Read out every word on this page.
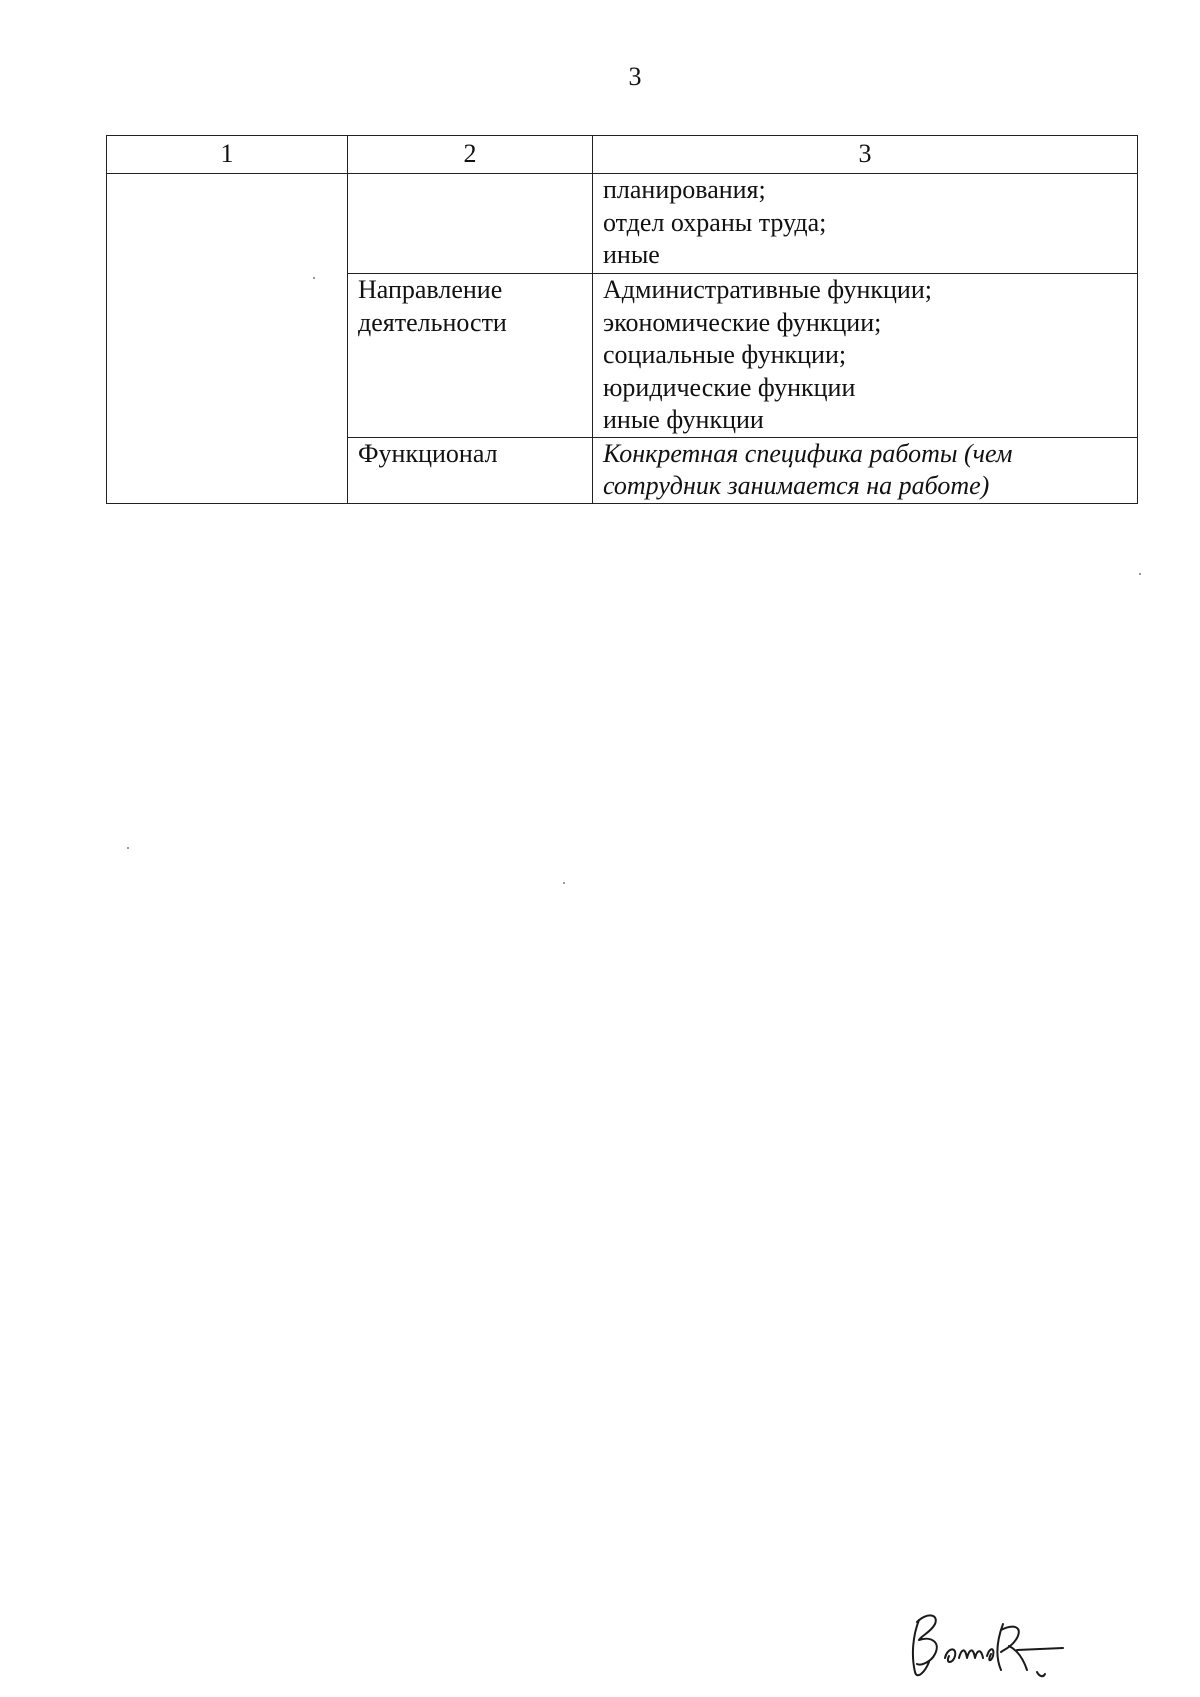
3
1	2	3

		планирования;
отдел охраны труда;
иные

	Направление
деятельности	Административные функции;
экономические функции;
социальные функции;
юридические функции
иные функции

	Функционал	Конкретная специфика работы (чем
сотрудник занимается на работе)
